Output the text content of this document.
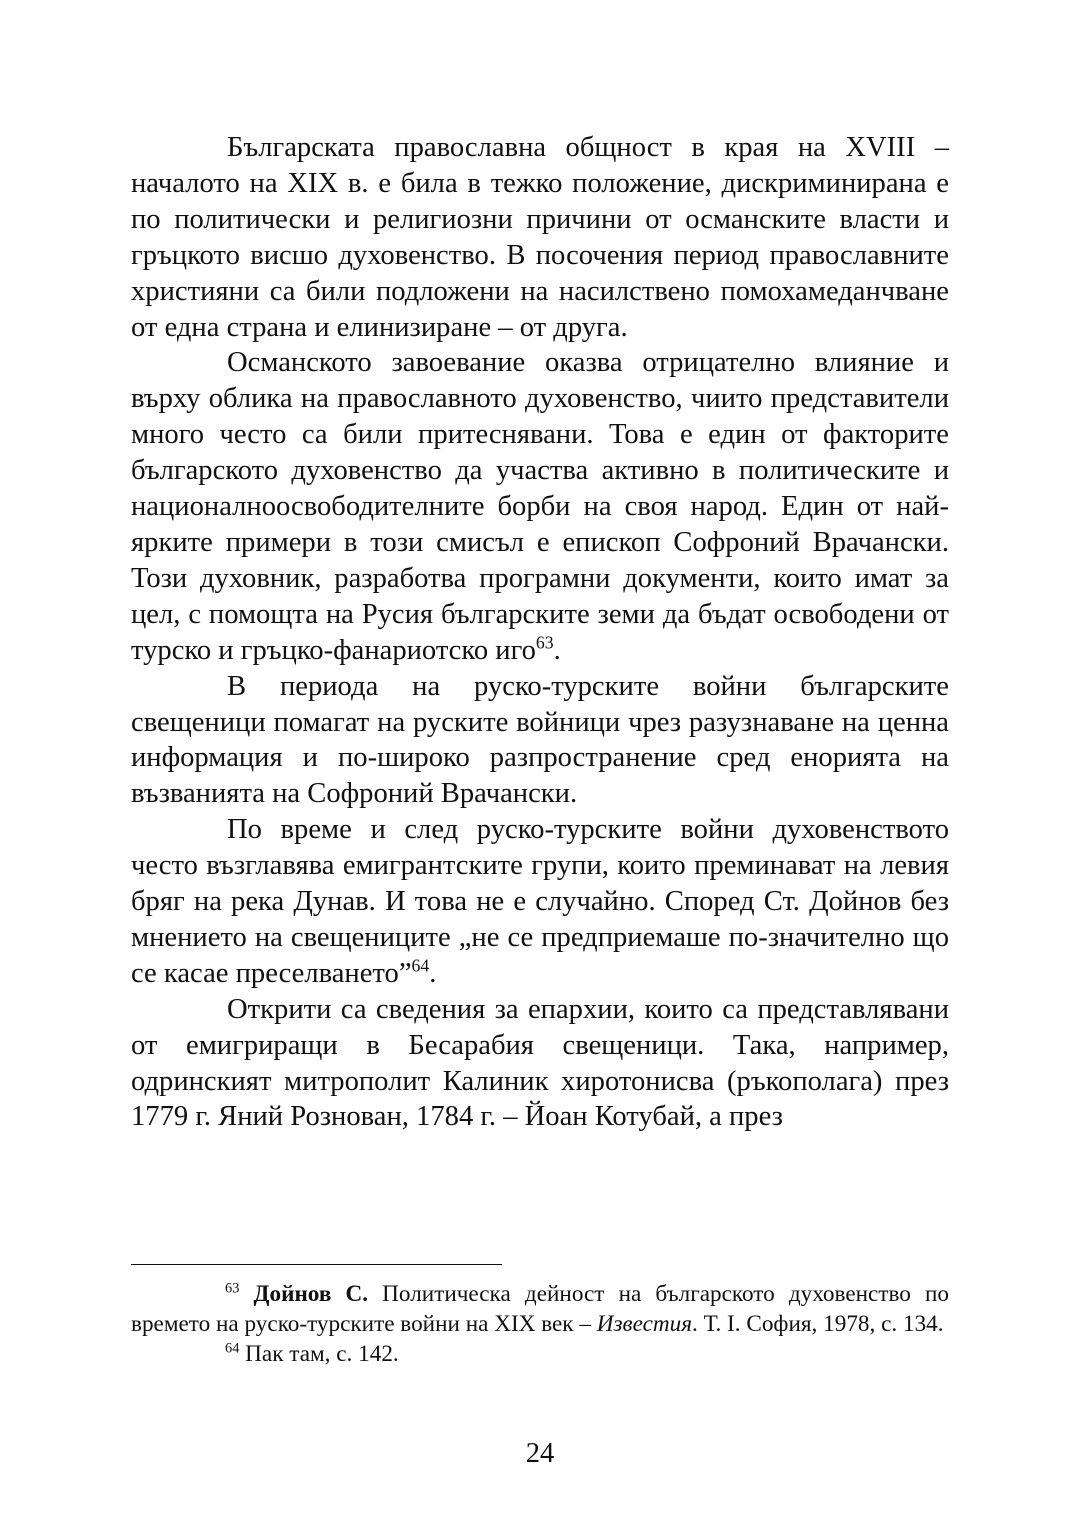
Българската православна общност в края на XVIII – началото на XIX в. е била в тежко положение, дискриминирана е по политически и религиозни причини от османските власти и гръцкото висшо духовенство. В посочения период православните християни са били подложени на насилствено помохамеданчване от една страна и елинизиране – от друга.

Османското завоевание оказва отрицателно влияние и върху облика на православното духовенство, чиито представители много често са били притеснявани. Това е един от факторите българското духовенство да участва активно в политическите и националноосвободителните борби на своя народ. Един от най-ярките примери в този смисъл е епископ Софроний Врачански. Този духовник, разработва програмни документи, които имат за цел, с помощта на Русия българските земи да бъдат освободени от турско и гръцко-фанариотско иго$^{63}$.

В периода на руско-турските войни българските свещеници помагат на руските войници чрез разузнаване на ценна информация и по-широко разпространение сред енорията на възванията на Софроний Врачански.

По време и след руско-турските войни духовенството често възглавява емигрантските групи, които преминават на левия бряг на река Дунав. И това не е случайно. Според Ст. Дойнов без мнението на свещениците „не се предприемаше по-значително що се касае преселването”$^{64}$.

Открити са сведения за епархии, които са представлявани от емигриращи в Бесарабия свещеници. Така, например, одринският митрополит Калиник хиротонисва (ръкополага) през 1779 г. Яний Рознован, 1784 г. – Йоан Котубай, а през

$^{63}$ Дойнов С. Политическа дейност на българското духовенство по времето на руско-турските войни на XIX век – Известия. Т. I. София, 1978, с. 134.

$^{64}$ Пак там, с. 142.

24
